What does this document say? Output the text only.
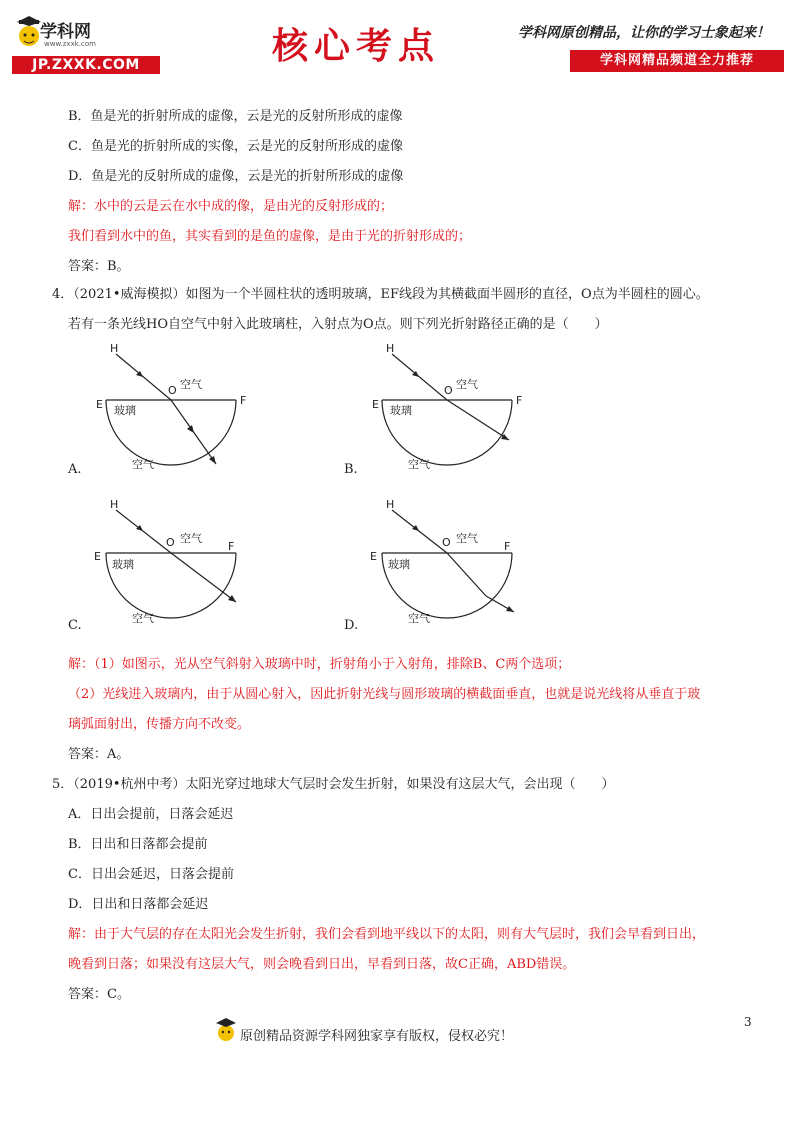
学科网
www.zxxk.com
JP.ZXXK.COM	核心考点	学科网原创精品，让你的学习士象起来！
学科网精品频道全力推荐
B．鱼是光的折射所成的虚像，云是光的反射所形成的虚像
C．鱼是光的折射所成的实像，云是光的反射所形成的虚像
D．鱼是光的反射所成的虚像，云是光的折射所形成的虚像
解：水中的云是云在水中成的像，是由光的反射形成的；
我们看到水中的鱼，其实看到的是鱼的虚像，是由于光的折射形成的；
答案：B。
4．（2021•威海模拟）如图为一个半圆柱状的透明玻璃，EF线段为其横截面半圆形的直径，O点为半圆柱的圆心。
若有一条光线HO自空气中射入此玻璃柱，入射点为O点。则下列光折射路径正确的是（　　）
H
O
E	F
空气
玻璃
空气
A.
H
O
E	F
空气
玻璃
空气
B.
H
O
E
F
空气
玻璃
空气
C.
H
O
E
F
空气
玻璃
空气
D.
解：（1）如图示，光从空气斜射入玻璃中时，折射角小于入射角，排除B、C两个选项；
（2）光线进入玻璃内，由于从圆心射入，因此折射光线与圆形玻璃的横截面垂直，也就是说光线将从垂直于玻
璃弧面射出，传播方向不改变。
答案：A。
5．（2019•杭州中考）太阳光穿过地球大气层时会发生折射，如果没有这层大气，会出现（　　）
A．日出会提前，日落会延迟
B．日出和日落都会提前
C．日出会延迟，日落会提前
D．日出和日落都会延迟
解：由于大气层的存在太阳光会发生折射，我们会看到地平线以下的太阳，则有大气层时，我们会早看到日出，
晚看到日落；如果没有这层大气，则会晚看到日出，早看到日落，故C正确，ABD错误。
答案：C。
3
原创精品资源学科网独家享有版权，侵权必究！
